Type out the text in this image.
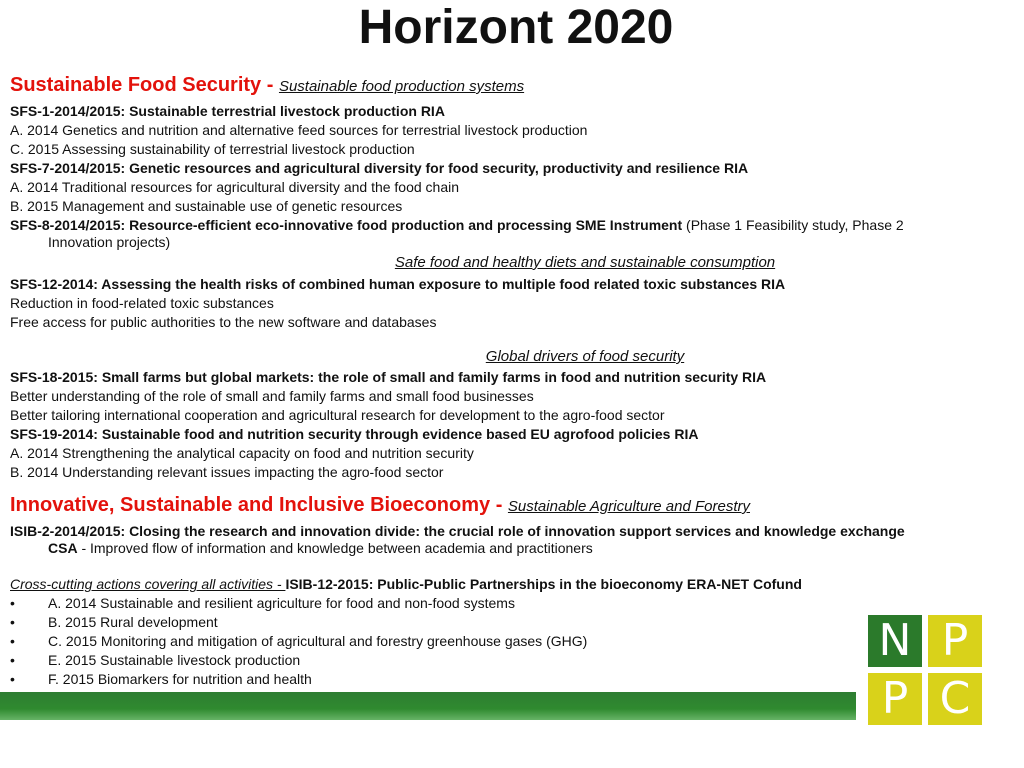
Horizont 2020
Sustainable Food Security - Sustainable food production systems
SFS-1-2014/2015: Sustainable terrestrial livestock production RIA
A. 2014 Genetics and nutrition and alternative feed sources for terrestrial livestock production
C. 2015 Assessing sustainability of terrestrial livestock production
SFS-7-2014/2015: Genetic resources and agricultural diversity for food security, productivity and resilience RIA
A. 2014 Traditional resources for agricultural diversity and the food chain
B. 2015 Management and sustainable use of genetic resources
SFS-8-2014/2015: Resource-efficient eco-innovative food production and processing SME Instrument (Phase 1 Feasibility study, Phase 2
Innovation projects)
Safe food and healthy diets and sustainable consumption
SFS-12-2014: Assessing the health risks of combined human exposure to multiple food related toxic substances RIA
Reduction in food-related toxic substances
Free access for public authorities to the new software and databases
Global drivers of food security
SFS-18-2015: Small farms but global markets: the role of small and family farms in food and nutrition security RIA
Better understanding of the role of small and family farms and small food businesses
Better tailoring international cooperation and agricultural research for development to the agro-food sector
SFS-19-2014: Sustainable food and nutrition security through evidence based EU agrofood policies RIA
A. 2014 Strengthening the analytical capacity on food and nutrition security
B. 2014 Understanding relevant issues impacting the agro-food sector
Innovative, Sustainable and Inclusive Bioeconomy - Sustainable Agriculture and Forestry
ISIB-2-2014/2015: Closing the research and innovation divide: the crucial role of innovation support services and knowledge exchange
CSA - Improved flow of information and knowledge between academia and practitioners
Cross-cutting actions covering all activities - ISIB-12-2015: Public-Public Partnerships in the bioeconomy ERA-NET Cofund
• A. 2014 Sustainable and resilient agriculture for food and non-food systems
• B. 2015 Rural development
• C. 2015 Monitoring and mitigation of agricultural and forestry greenhouse gases (GHG)
• E. 2015 Sustainable livestock production
• F. 2015 Biomarkers for nutrition and health
N P
P C
